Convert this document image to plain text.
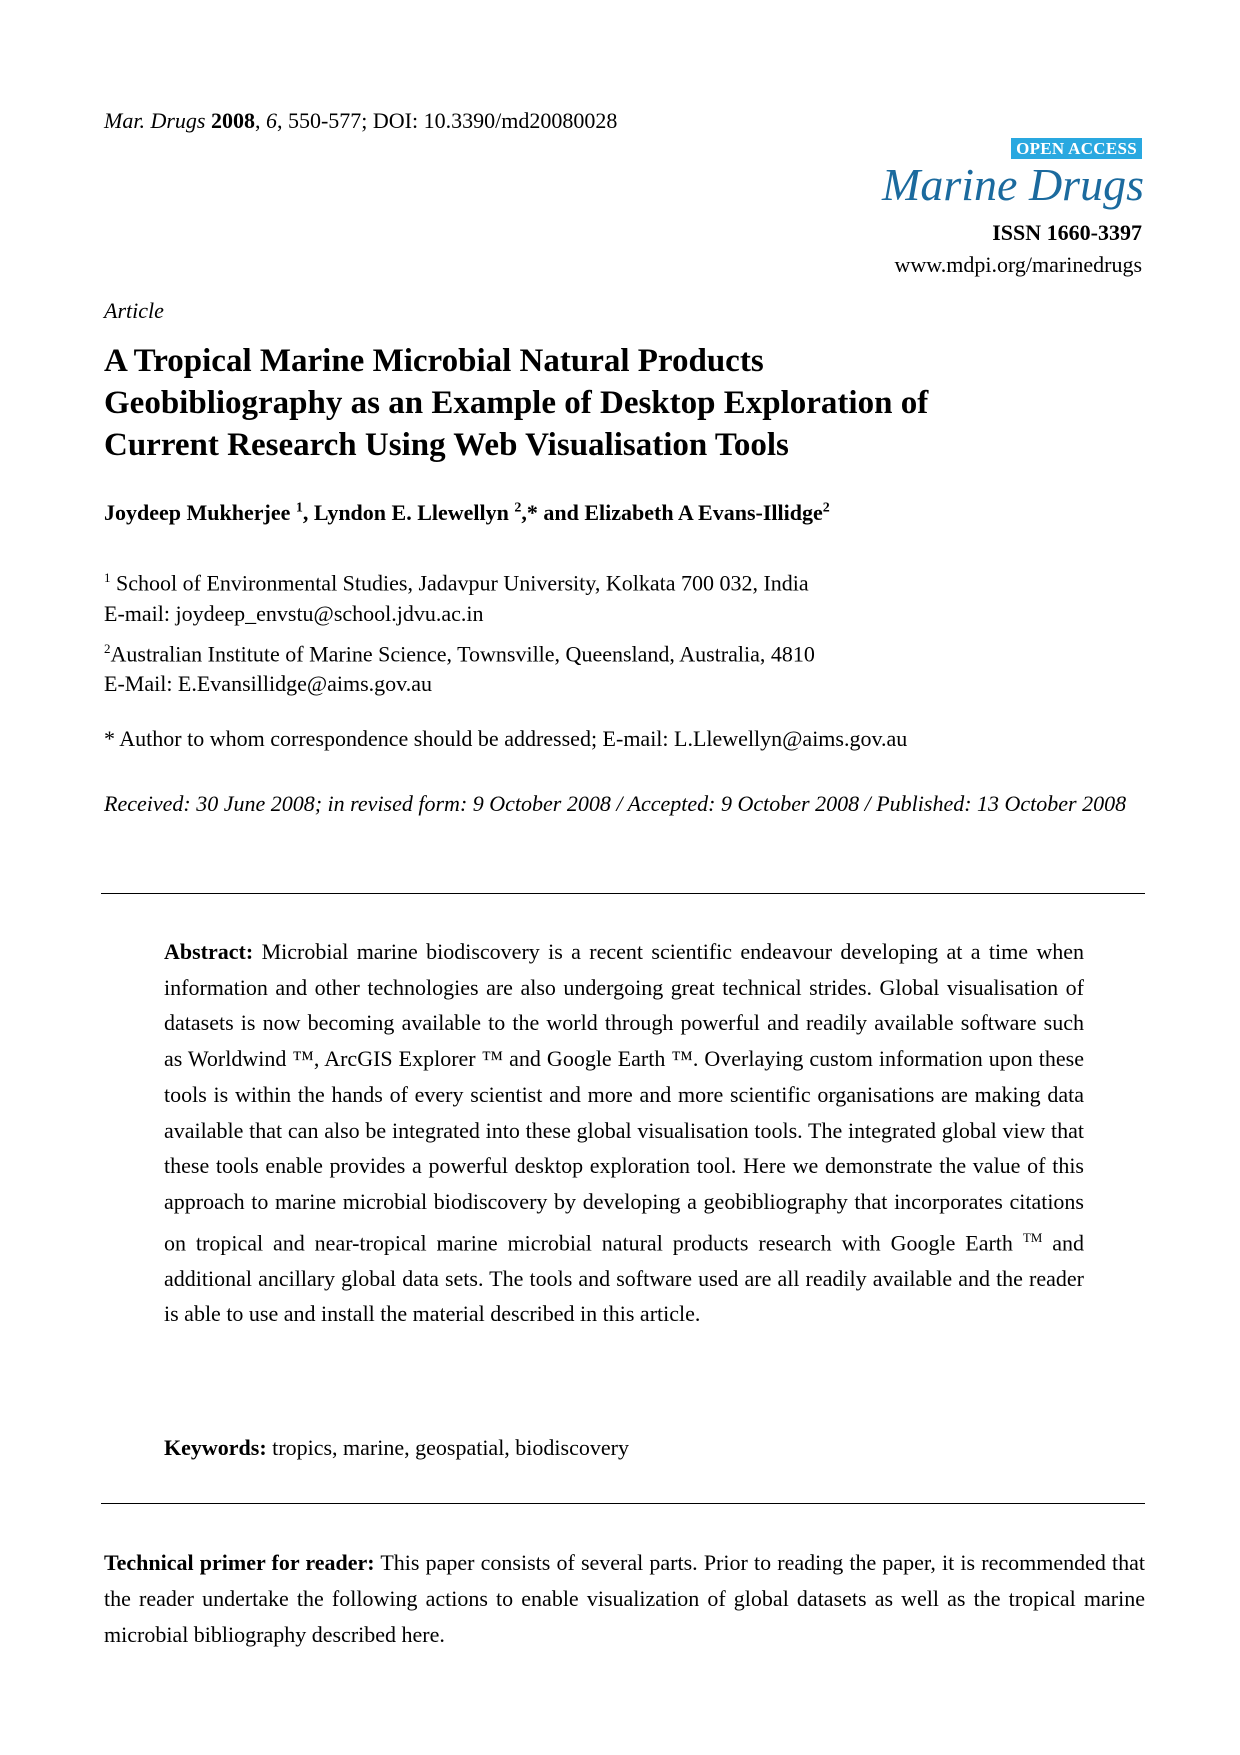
Mar. Drugs 2008, 6, 550-577; DOI: 10.3390/md20080028
OPEN ACCESS
Marine Drugs
ISSN 1660-3397
www.mdpi.org/marinedrugs
Article
A Tropical Marine Microbial Natural Products
Geobibliography as an Example of Desktop Exploration of
Current Research Using Web Visualisation Tools
Joydeep Mukherjee $^1$, Lyndon E. Llewellyn $^2$,* and Elizabeth A Evans-Illidge$^2$
$^1$ School of Environmental Studies, Jadavpur University, Kolkata 700 032, India
E-mail: joydeep_envstu@school.jdvu.ac.in
$^2$Australian Institute of Marine Science, Townsville, Queensland, Australia, 4810
E-Mail: E.Evansillidge@aims.gov.au
* Author to whom correspondence should be addressed; E-mail: L.Llewellyn@aims.gov.au
Received: 30 June 2008; in revised form: 9 October 2008 / Accepted: 9 October 2008 / Published: 13 October 2008

Abstract: Microbial marine biodiscovery is a recent scientific endeavour developing at a time when information and other technologies are also undergoing great technical strides. Global visualisation of datasets is now becoming available to the world through powerful and readily available software such as Worldwind ™, ArcGIS Explorer ™ and Google Earth ™. Overlaying custom information upon these tools is within the hands of every scientist and more and more scientific organisations are making data available that can also be integrated into these global visualisation tools. The integrated global view that these tools enable provides a powerful desktop exploration tool. Here we demonstrate the value of this approach to marine microbial biodiscovery by developing a geobibliography that incorporates citations on tropical and near-tropical marine microbial natural products research with Google Earth ™ and additional ancillary global data sets. The tools and software used are all readily available and the reader is able to use and install the material described in this article.

Keywords: tropics, marine, geospatial, biodiscovery

Technical primer for reader: This paper consists of several parts. Prior to reading the paper, it is recommended that the reader undertake the following actions to enable visualization of global datasets as well as the tropical marine microbial bibliography described here.
